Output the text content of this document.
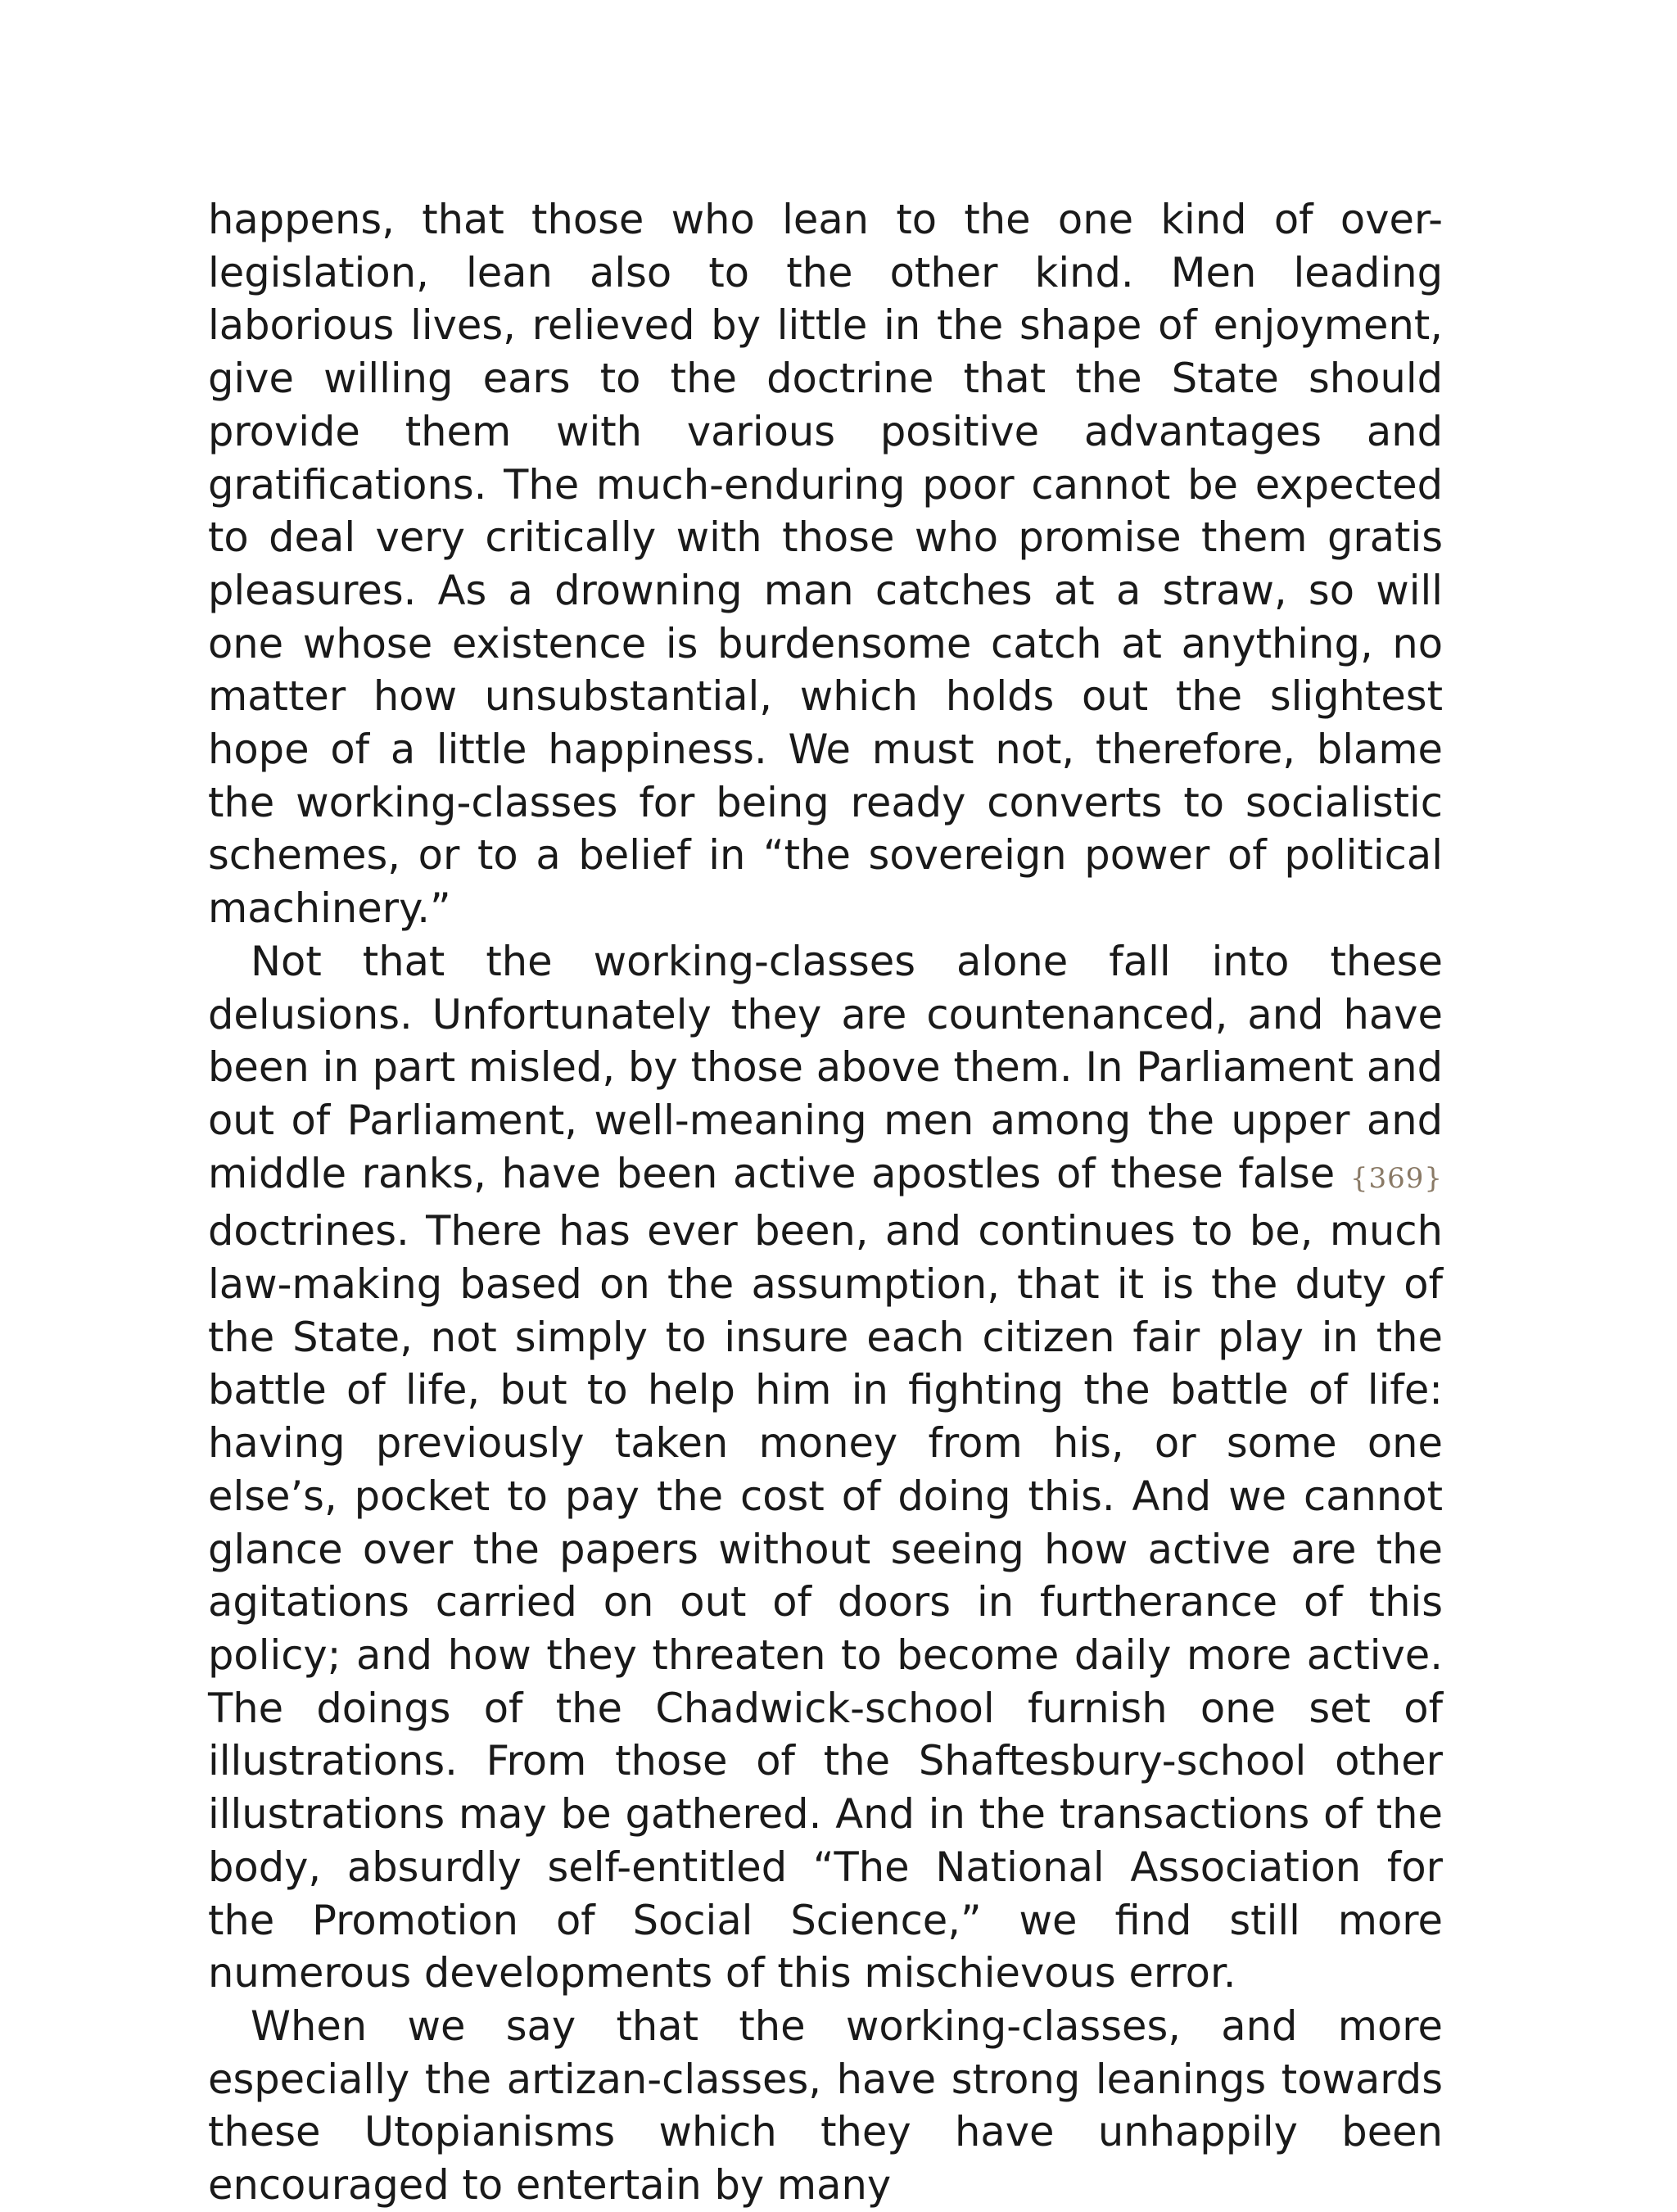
happens, that those who lean to the one kind of over-legislation, lean also to the other kind. Men leading laborious lives, relieved by little in the shape of enjoyment, give willing ears to the doctrine that the State should provide them with various positive advantages and gratifications. The much-enduring poor cannot be expected to deal very critically with those who promise them gratis pleasures. As a drowning man catches at a straw, so will one whose existence is burdensome catch at anything, no matter how unsubstantial, which holds out the slightest hope of a little happiness. We must not, therefore, blame the working-classes for being ready converts to socialistic schemes, or to a belief in “the sovereign power of political machinery.”

Not that the working-classes alone fall into these delusions. Unfortunately they are countenanced, and have been in part misled, by those above them. In Parliament and out of Parliament, well-meaning men among the upper and middle ranks, have been active apostles of these false {369} doctrines. There has ever been, and continues to be, much law-making based on the assumption, that it is the duty of the State, not simply to insure each citizen fair play in the battle of life, but to help him in fighting the battle of life: having previously taken money from his, or some one else’s, pocket to pay the cost of doing this. And we cannot glance over the papers without seeing how active are the agitations carried on out of doors in furtherance of this policy; and how they threaten to become daily more active. The doings of the Chadwick-school furnish one set of illustrations. From those of the Shaftesbury-school other illustrations may be gathered. And in the transactions of the body, absurdly self-entitled “The National Association for the Promotion of Social Science,” we find still more numerous developments of this mischievous error.

When we say that the working-classes, and more especially the artizan-classes, have strong leanings towards these Utopianisms which they have unhappily been encouraged to entertain by many
